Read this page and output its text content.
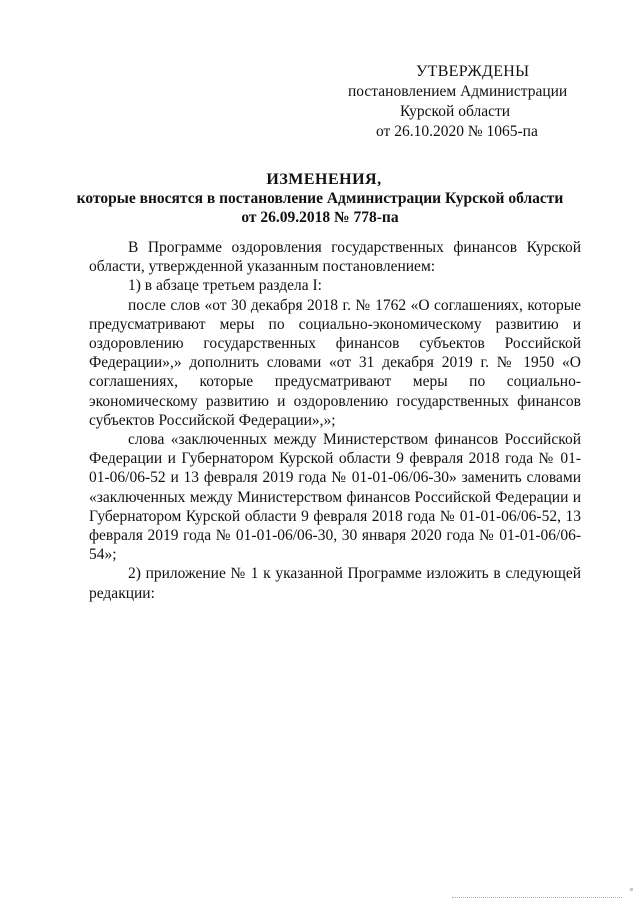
УТВЕРЖДЕНЫ
постановлением Администрации
Курской области
от 26.10.2020 № 1065-па
ИЗМЕНЕНИЯ,
которые вносятся в постановление Администрации Курской области
от 26.09.2018 № 778-па

В Программе оздоровления государственных финансов Курской области, утвержденной указанным постановлением:

1) в абзаце третьем раздела I:

после слов «от 30 декабря 2018 г. № 1762 «О соглашениях, которые предусматривают меры по социально-экономическому развитию и оздоровлению государственных финансов субъектов Российской Федерации»,» дополнить словами «от 31 декабря 2019 г. № 1950 «О соглашениях, которые предусматривают меры по социально-экономическому развитию и оздоровлению государственных финансов субъектов Российской Федерации»,»;

слова «заключенных между Министерством финансов Российской Федерации и Губернатором Курской области 9 февраля 2018 года № 01-01-06/06-52 и 13 февраля 2019 года № 01-01-06/06-30» заменить словами «заключенных между Министерством финансов Российской Федерации и Губернатором Курской области 9 февраля 2018 года № 01-01-06/06-52, 13 февраля 2019 года № 01-01-06/06-30, 30 января 2020 года № 01-01-06/06-54»;

2) приложение № 1 к указанной Программе изложить в следующей редакции:
